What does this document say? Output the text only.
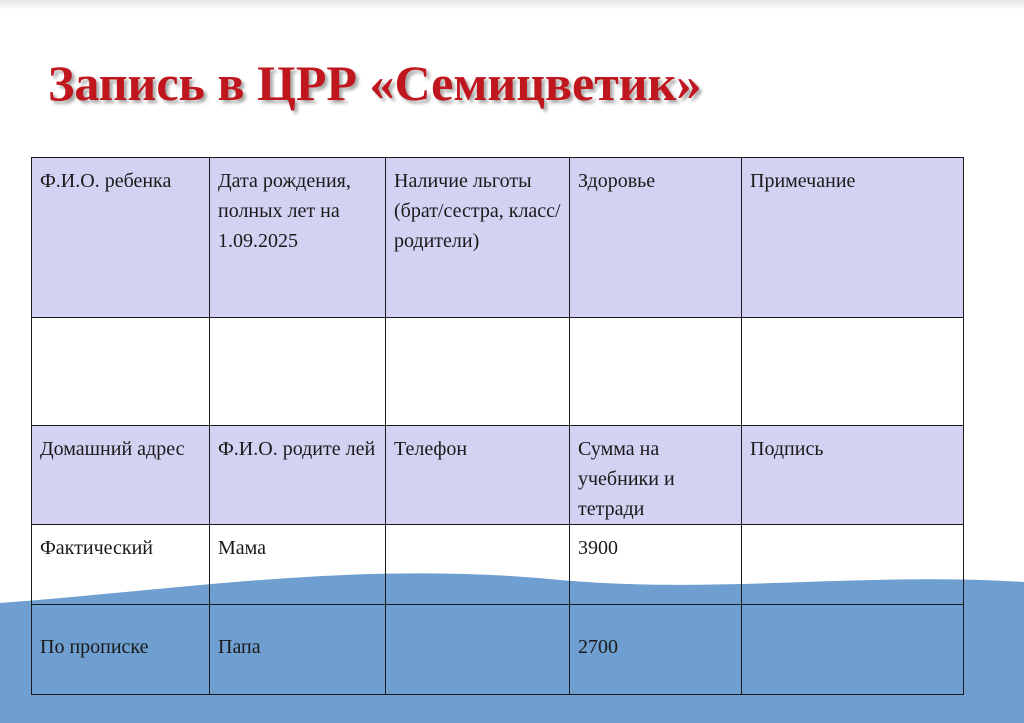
Запись в ЦРР «Семицветик»
Ф.И.О. ребенка	Дата рождения, полных лет на 1.09.2025	Наличие льготы (брат/сестра, класс/ родители)	Здоровье	Примечание

Домашний адрес	Ф.И.О. родите лей	Телефон	Сумма на учебники и тетради	Подпись
Фактический	Мама		3900	
По прописке	Папа		2700	
